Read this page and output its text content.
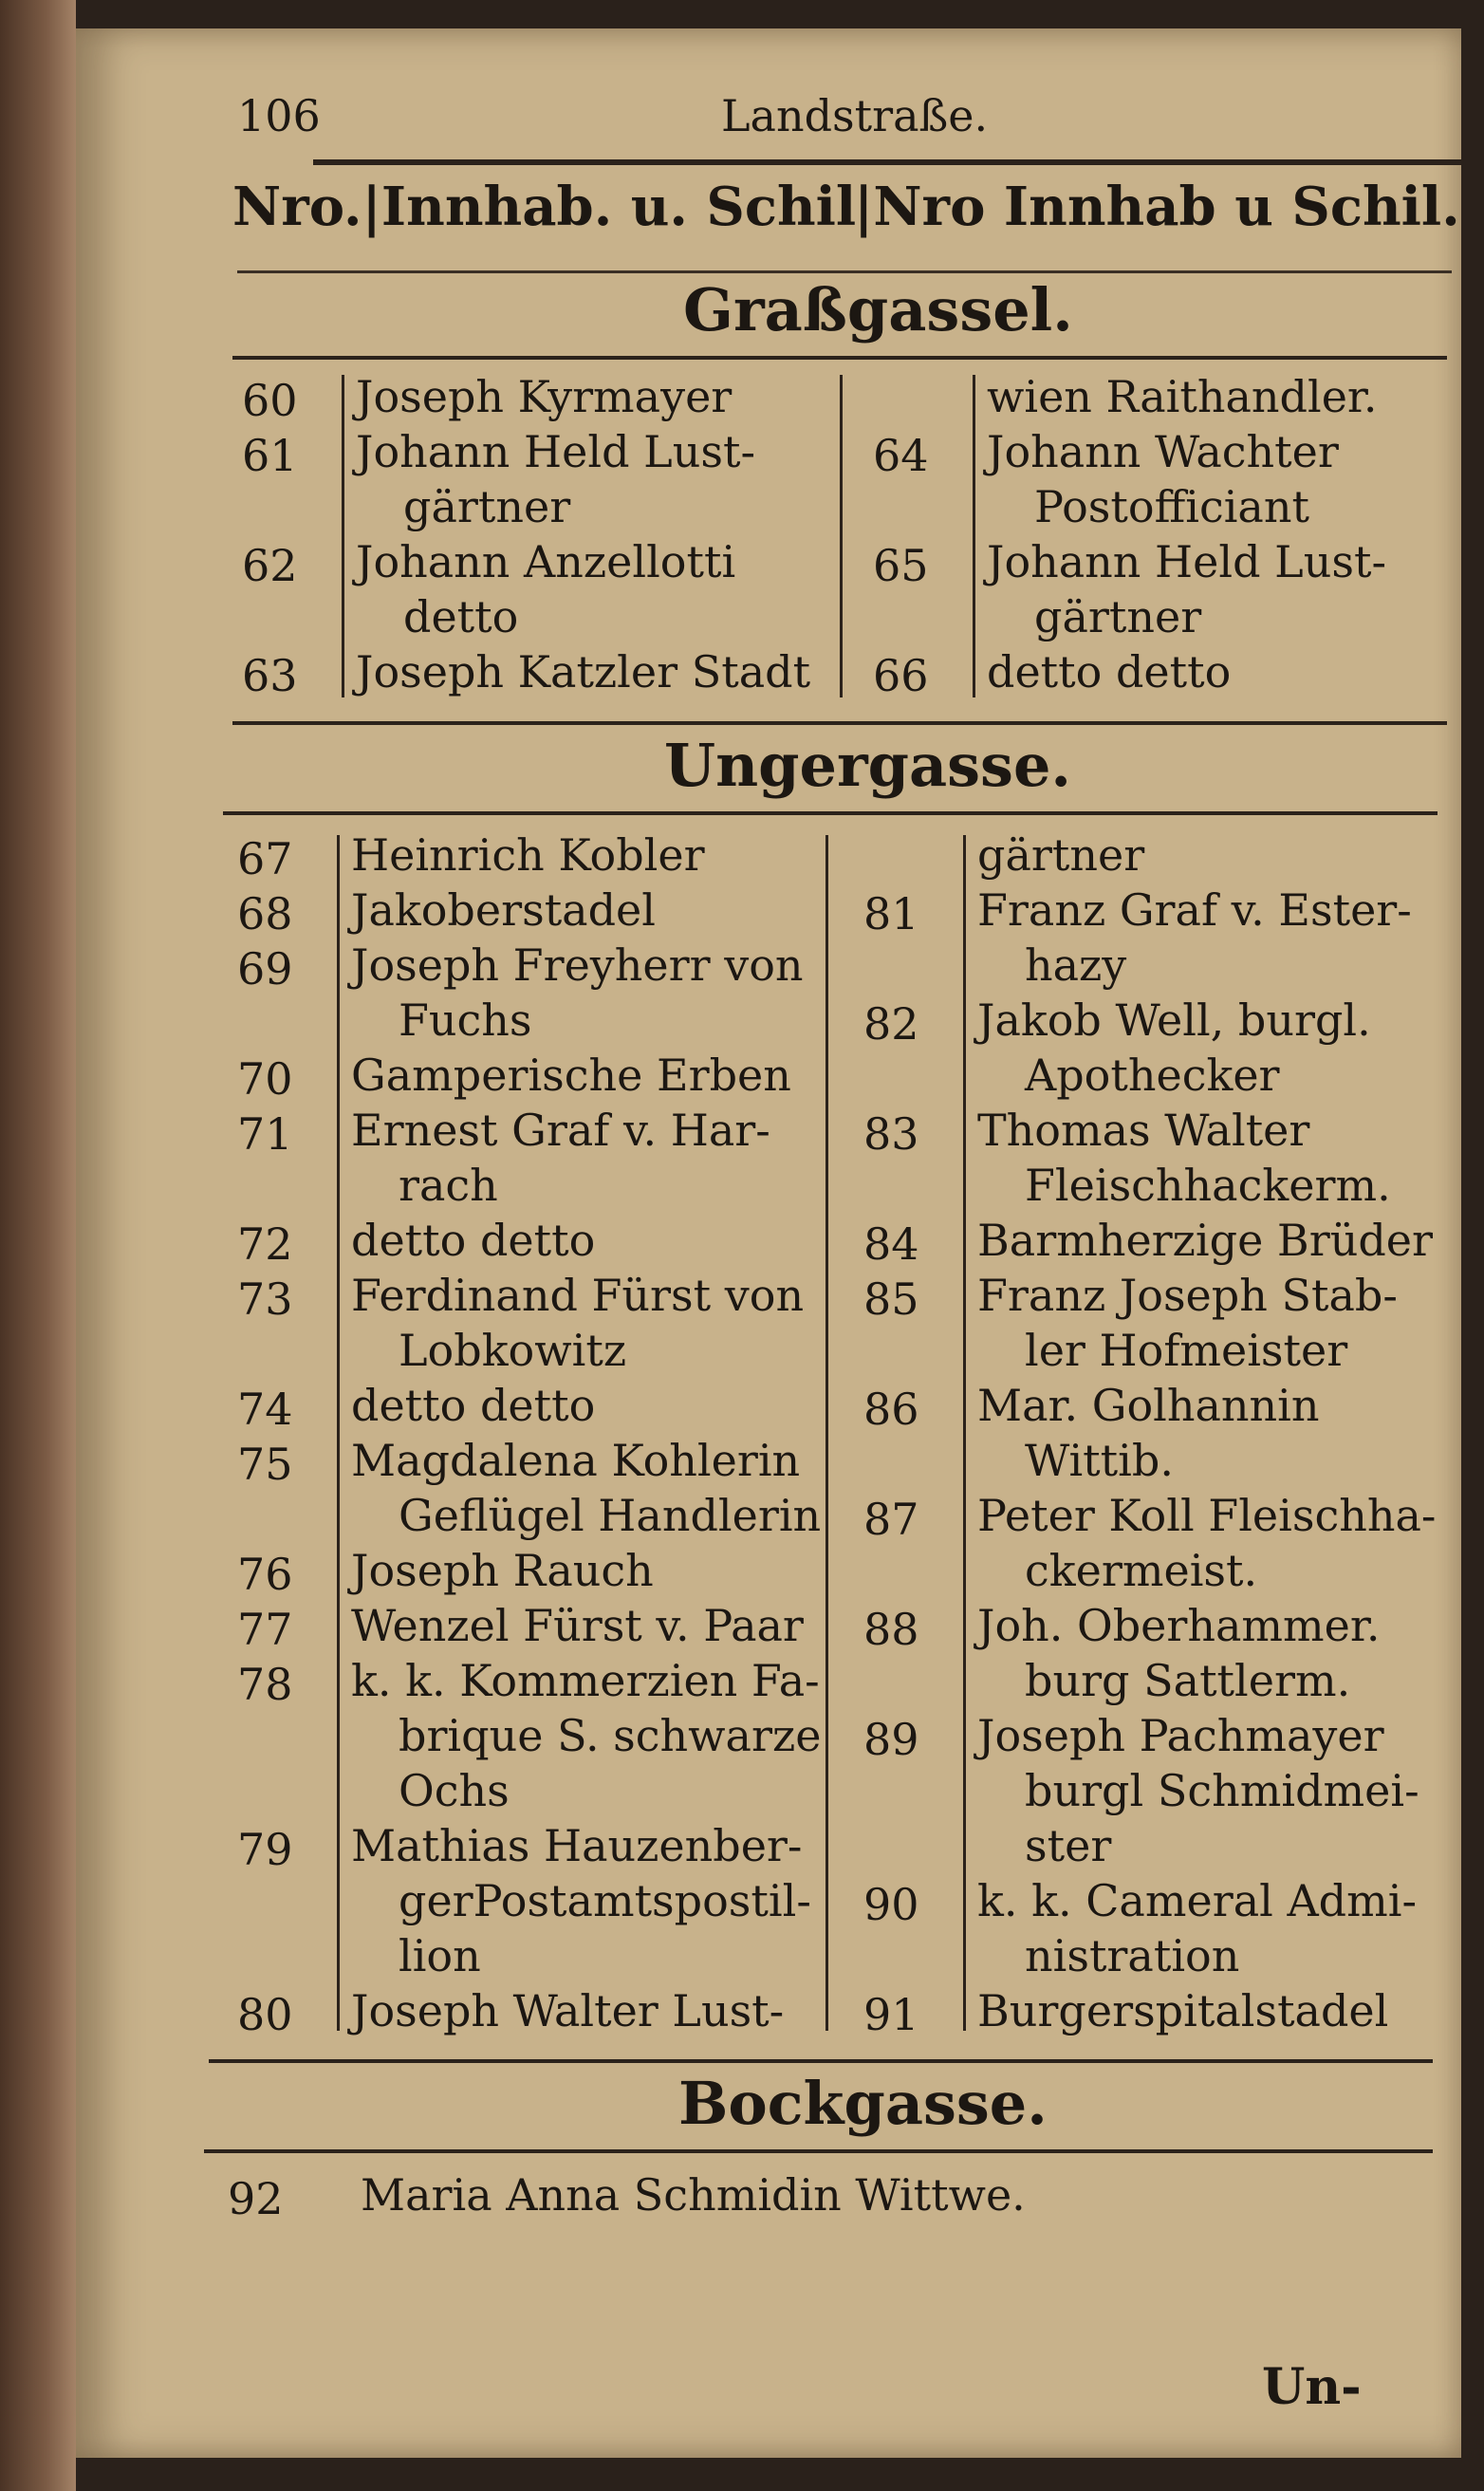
106	Landstraße.
Nro.|Innhab. u. Schil
|Nro Innhab u Schil.
Graßgassel.
60 Joseph Kyrmayer
61 Johann Held Lust-
gärtner
62 Johann Anzellotti
detto
63 Joseph Katzler Stadt
wien Raithandler.
64 Johann Wachter
Postofficiant
65 Johann Held Lust-
gärtner
66 detto detto
Ungergasse.
67 Heinrich Kobler
68 Jakoberstadel
69 Joseph Freyherr von
Fuchs
70 Gamperische Erben
71 Ernest Graf v. Har-
rach
72 detto detto
73 Ferdinand Fürst von
Lobkowitz
74 detto detto
75 Magdalena Kohlerin
Geflügel Handlerin
76 Joseph Rauch
77 Wenzel Fürst v. Paar
78 k. k. Kommerzien Fa-
brique S. schwarze
Ochs
79 Mathias Hauzenber-
gerPostamtspostil-
lion
80 Joseph Walter Lust-
gärtner
81 Franz Graf v. Ester-
hazy
82 Jakob Well, burgl.
Apothecker
83 Thomas Walter
Fleischhackerm.
84 Barmherzige Brüder
85 Franz Joseph Stab-
ler Hofmeister
86 Mar. Golhannin
Wittib.
87 Peter Koll Fleischha-
ckermeist.
88 Joh. Oberhammer.
burg Sattlerm.
89 Joseph Pachmayer
burgl Schmidmei-
ster
90 k. k. Cameral Admi-
nistration
91 Burgerspitalstadel
Bockgasse.
92 Maria Anna Schmidin Wittwe.
Un-
